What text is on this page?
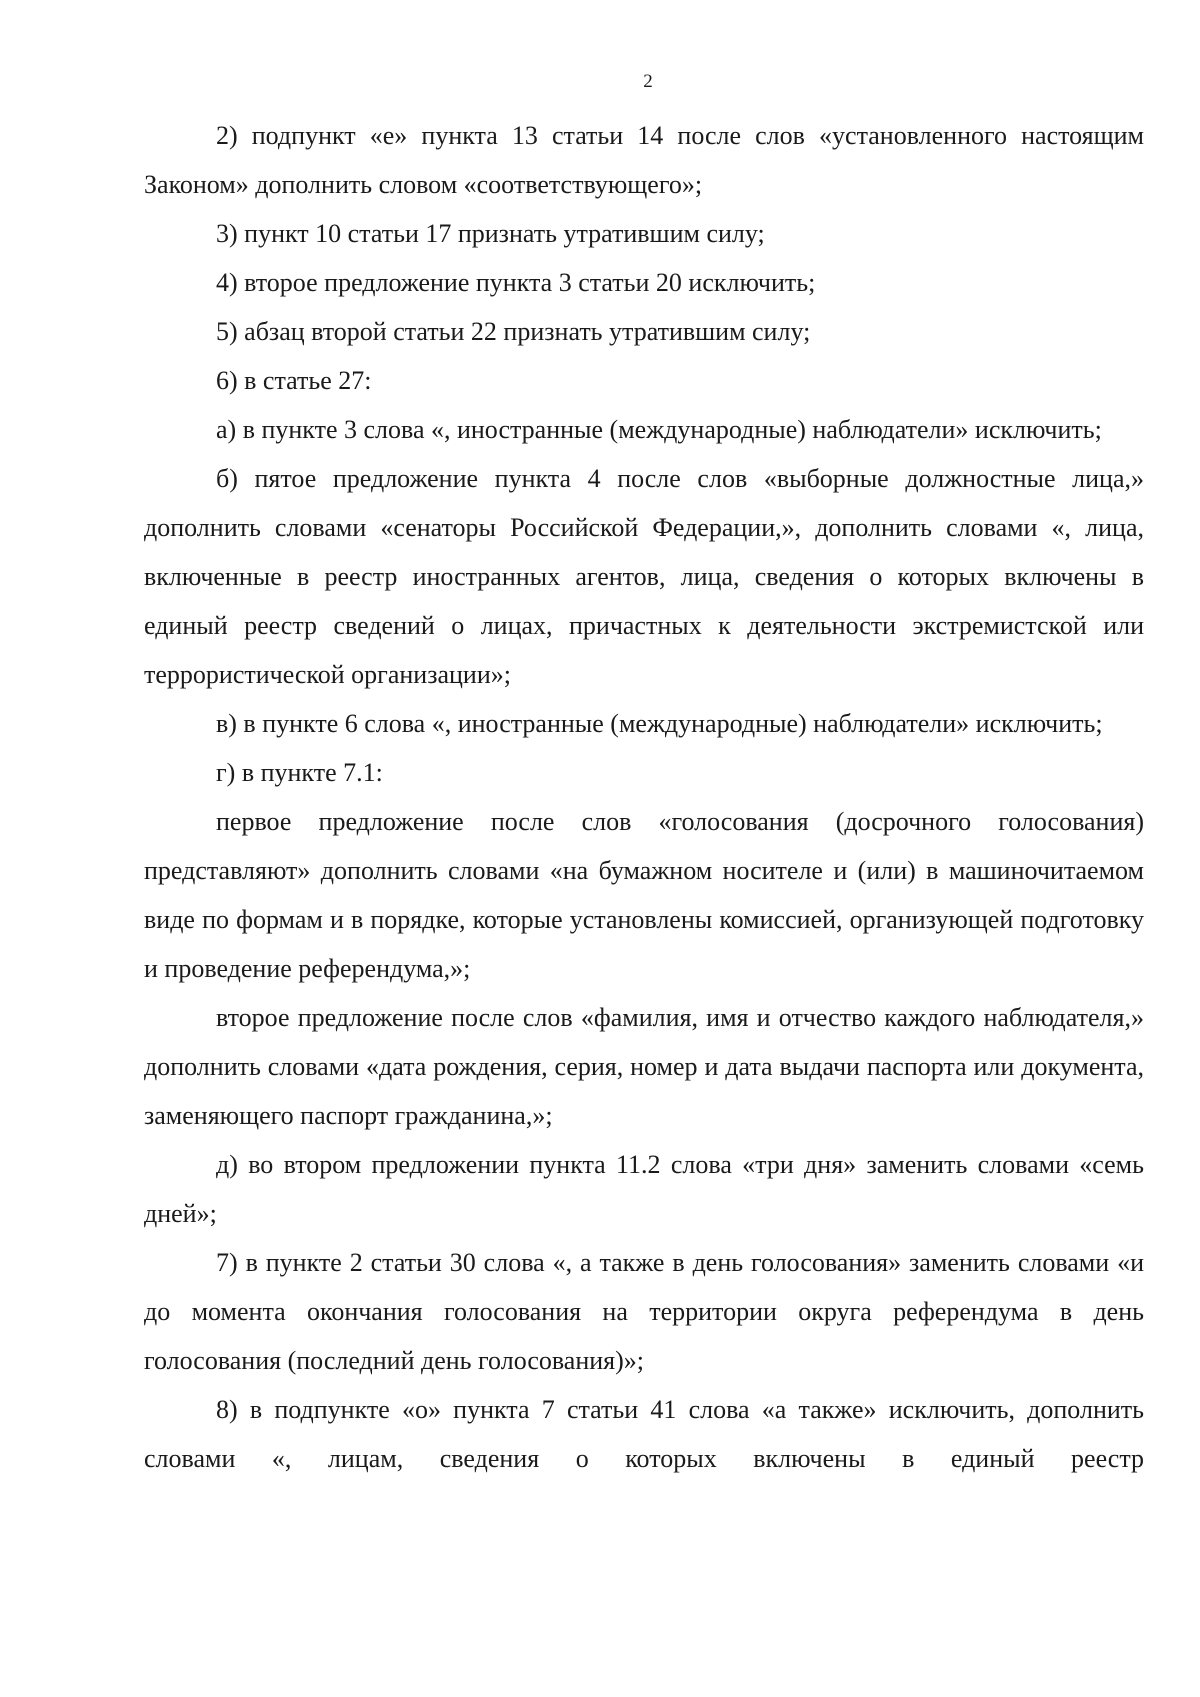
2

2) подпункт «е» пункта 13 статьи 14 после слов «установленного настоящим Законом» дополнить словом «соответствующего»;

3) пункт 10 статьи 17 признать утратившим силу;

4) второе предложение пункта 3 статьи 20 исключить;

5) абзац второй статьи 22 признать утратившим силу;

6) в статье 27:

а) в пункте 3 слова «, иностранные (международные) наблюдатели» исключить;

б) пятое предложение пункта 4 после слов «выборные должностные лица,» дополнить словами «сенаторы Российской Федерации,», дополнить словами «, лица, включенные в реестр иностранных агентов, лица, сведения о которых включены в единый реестр сведений о лицах, причастных к деятельности экстремистской или террористической организации»;

в) в пункте 6 слова «, иностранные (международные) наблюдатели» исключить;

г) в пункте 7.1:

первое предложение после слов «голосования (досрочного голосования) представляют» дополнить словами «на бумажном носителе и (или) в машиночитаемом виде по формам и в порядке, которые установлены комиссией, организующей подготовку и проведение референдума,»;

второе предложение после слов «фамилия, имя и отчество каждого наблюдателя,» дополнить словами «дата рождения, серия, номер и дата выдачи паспорта или документа, заменяющего паспорт гражданина,»;

д) во втором предложении пункта 11.2 слова «три дня» заменить словами «семь дней»;

7) в пункте 2 статьи 30 слова «, а также в день голосования» заменить словами «и до момента окончания голосования на территории округа референдума в день голосования (последний день голосования)»;

8) в подпункте «о» пункта 7 статьи 41 слова «а также» исключить, дополнить словами «, лицам, сведения о которых включены в единый реестр
